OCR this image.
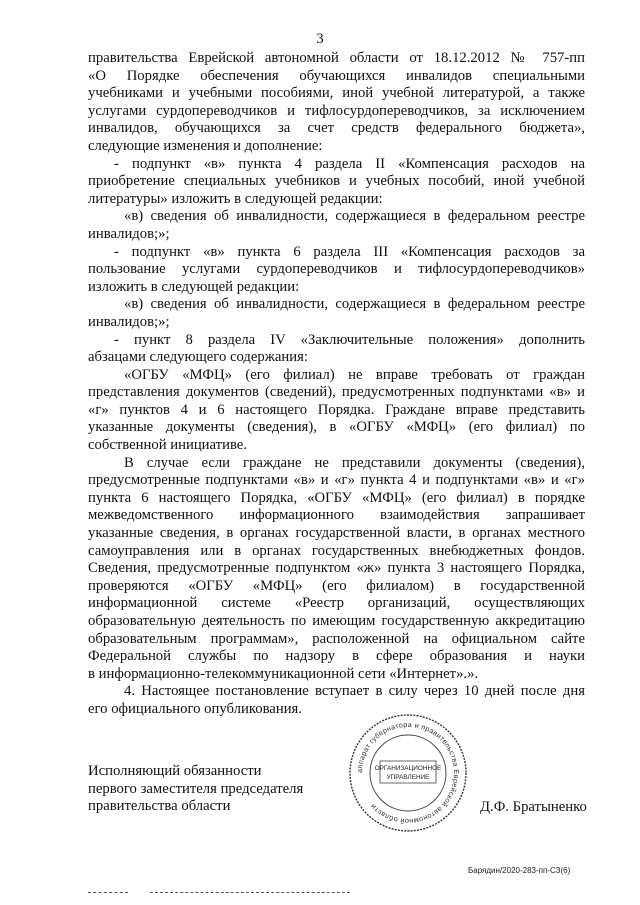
3
правительства Еврейской автономной области от 18.12.2012 № 757-пп
«О Порядке обеспечения обучающихся инвалидов специальными
учебниками и учебными пособиями, иной учебной литературой, а также
услугами сурдопереводчиков и тифлосурдопереводчиков, за исключением
инвалидов, обучающихся за счет средств федерального бюджета»,
следующие изменения и дополнение:
- подпункт «в» пункта 4 раздела II «Компенсация расходов на
приобретение специальных учебников и учебных пособий, иной учебной
литературы» изложить в следующей редакции:
«в) сведения об инвалидности, содержащиеся в федеральном реестре
инвалидов;»;
- подпункт «в» пункта 6 раздела III «Компенсация расходов за
пользование услугами сурдопереводчиков и тифлосурдопереводчиков»
изложить в следующей редакции:
«в) сведения об инвалидности, содержащиеся в федеральном реестре
инвалидов;»;
- пункт 8 раздела IV «Заключительные положения» дополнить
абзацами следующего содержания:
«ОГБУ «МФЦ» (его филиал) не вправе требовать от граждан
представления документов (сведений), предусмотренных подпунктами «в» и
«г» пунктов 4 и 6 настоящего Порядка. Граждане вправе представить
указанные документы (сведения), в «ОГБУ «МФЦ» (его филиал) по
собственной инициативе.
В случае если граждане не представили документы (сведения),
предусмотренные подпунктами «в» и «г» пункта 4 и подпунктами «в» и «г»
пункта 6 настоящего Порядка, «ОГБУ «МФЦ» (его филиал) в порядке
межведомственного информационного взаимодействия запрашивает
указанные сведения, в органах государственной власти, в органах местного
самоуправления или в органах государственных внебюджетных фондов.
Сведения, предусмотренные подпунктом «ж» пункта 3 настоящего Порядка,
проверяются «ОГБУ «МФЦ» (его филиалом) в государственной
информационной системе «Реестр организаций, осуществляющих
образовательную деятельность по имеющим государственную аккредитацию
образовательным программам», расположенной на официальном сайте
Федеральной службы по надзору в сфере образования и науки
в информационно-телекоммуникационной сети «Интернет».».
4. Настоящее постановление вступает в силу через 10 дней после дня
его официального опубликования.
Исполняющий обязанности
первого заместителя председателя
правительства области
аппарат губернатора и правительства Еврейской автономной области
ОРГАНИЗАЦИОННОЕ
УПРАВЛЕНИЕ
Д.Ф. Братыненко
Барядин/2020-283-пп-СЗ(6)
